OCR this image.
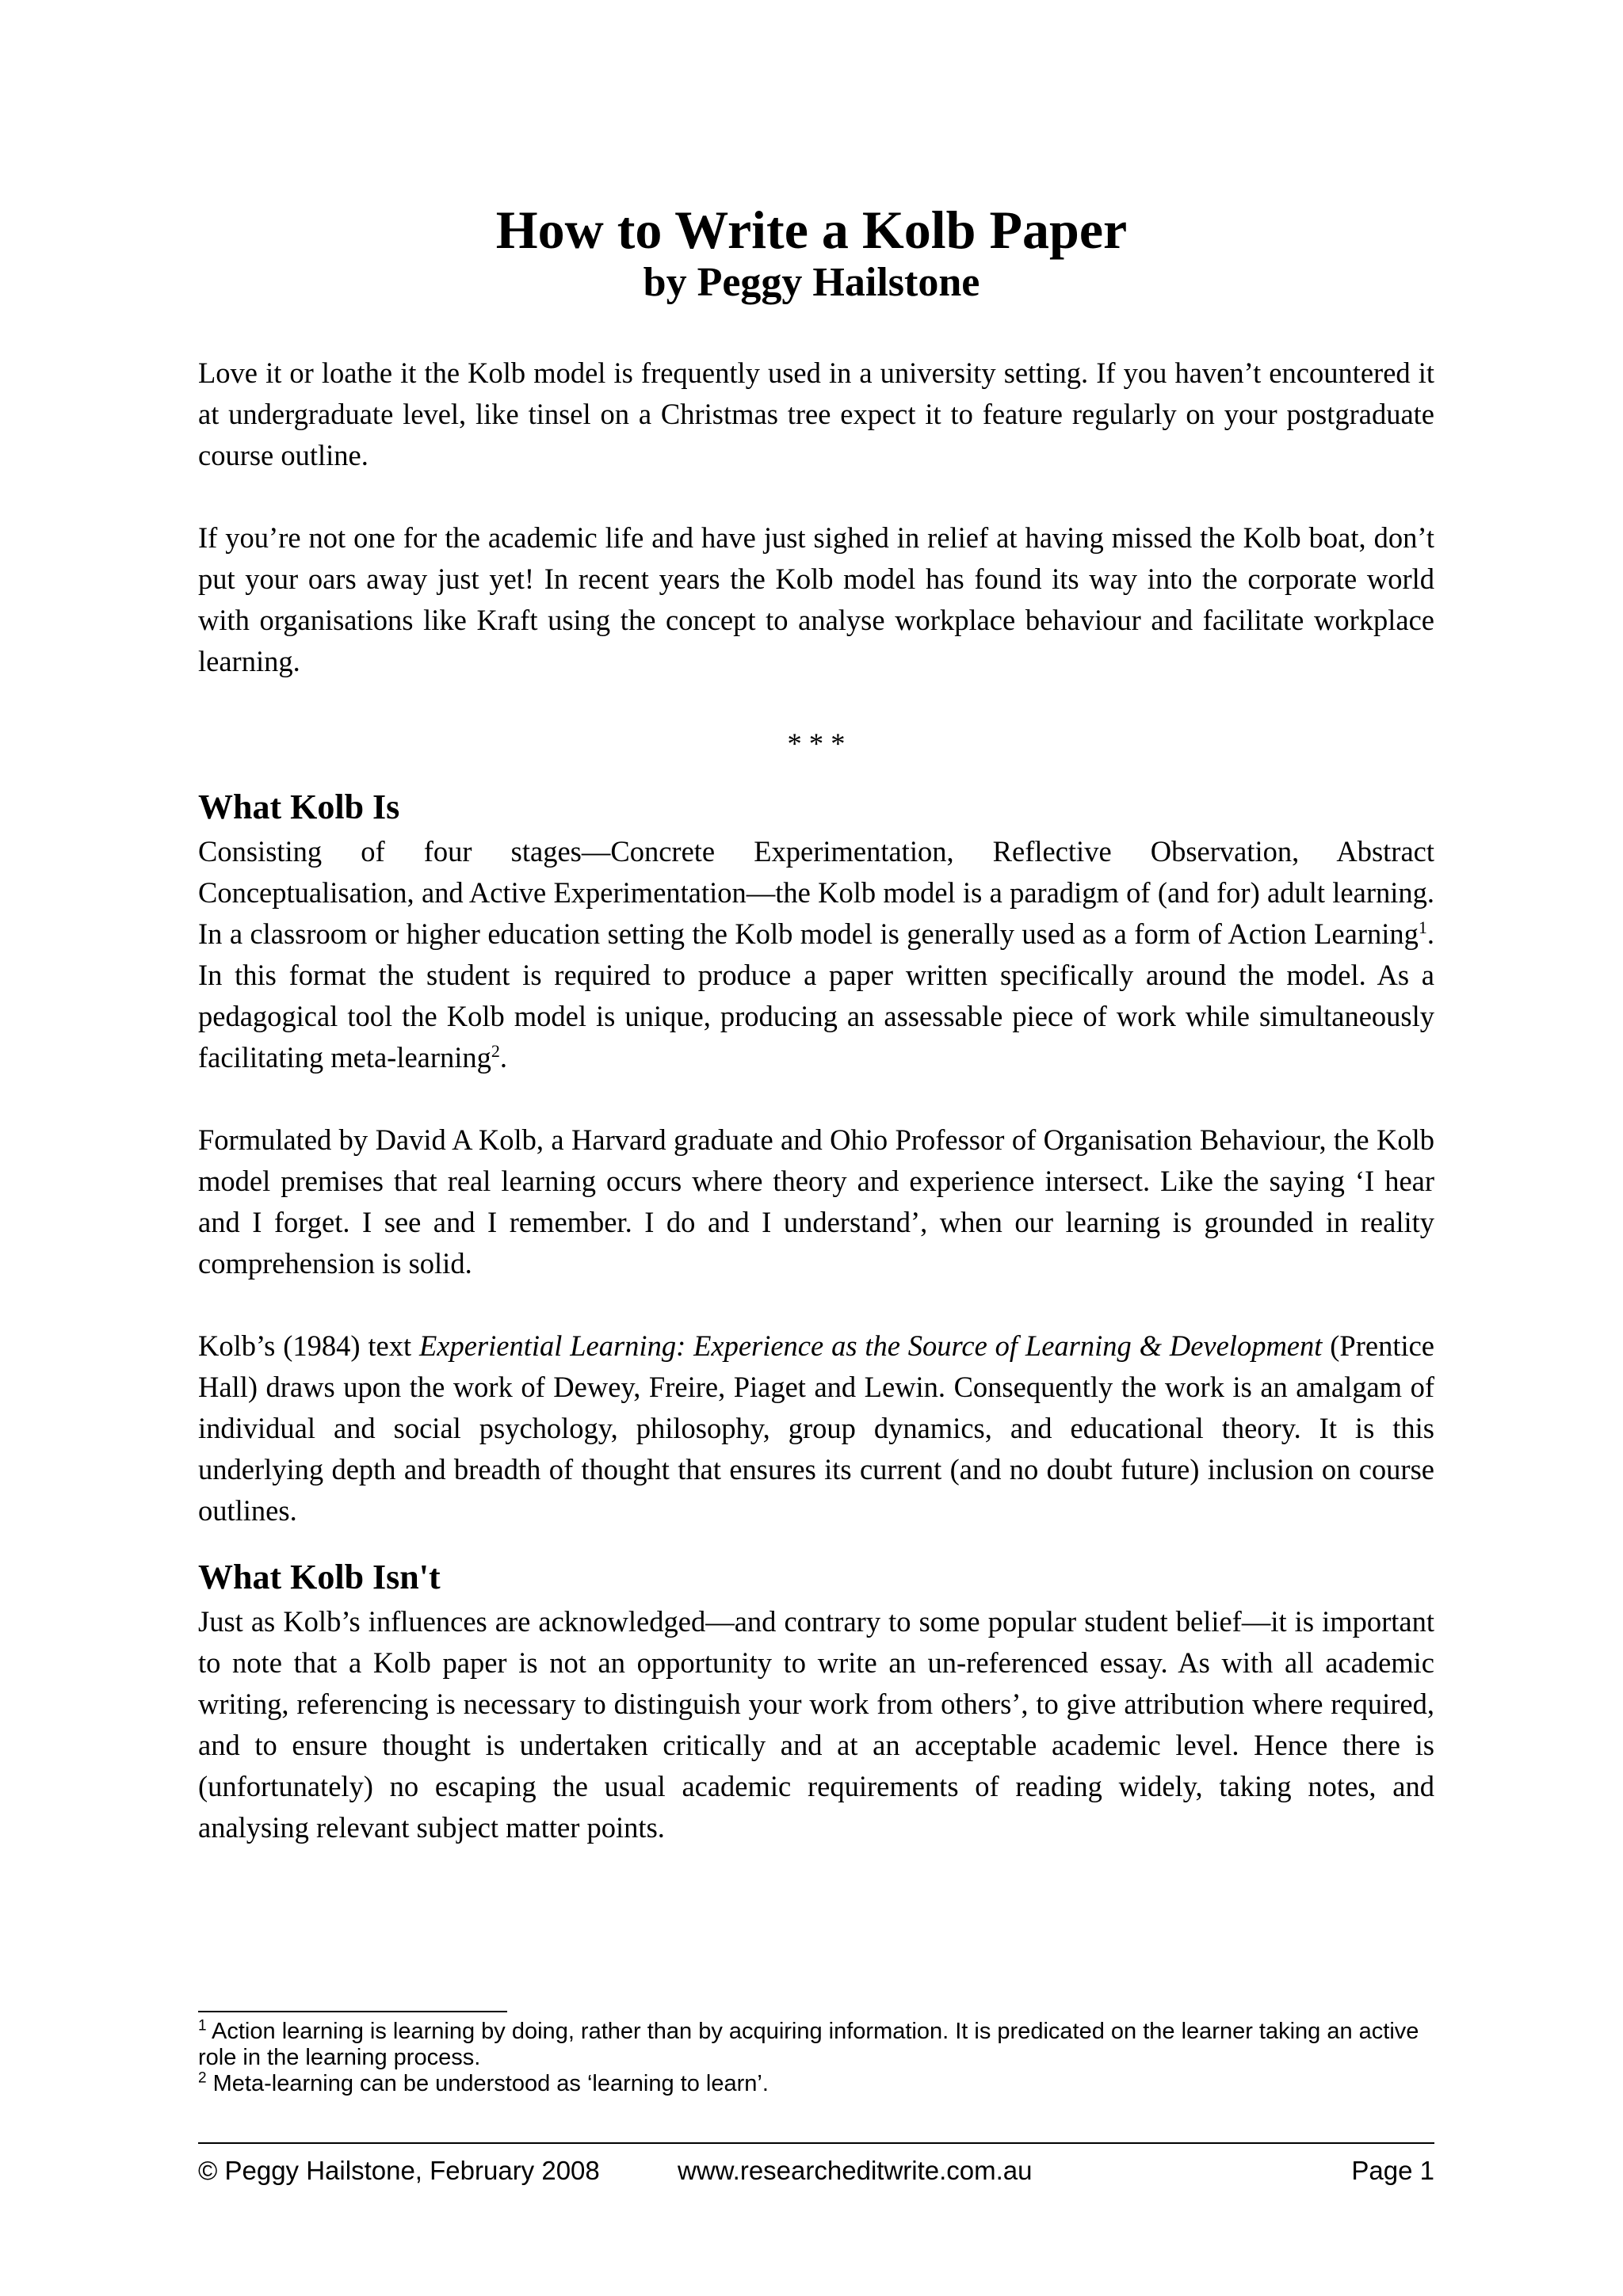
How to Write a Kolb Paper
by Peggy Hailstone

Love it or loathe it the Kolb model is frequently used in a university setting. If you haven’t encountered it at undergraduate level, like tinsel on a Christmas tree expect it to feature regularly on your postgraduate course outline.

If you’re not one for the academic life and have just sighed in relief at having missed the Kolb boat, don’t put your oars away just yet! In recent years the Kolb model has found its way into the corporate world with organisations like Kraft using the concept to analyse workplace behaviour and facilitate workplace learning.

* * *

What Kolb Is

Consisting of four stages—Concrete Experimentation, Reflective Observation, Abstract Conceptualisation, and Active Experimentation—the Kolb model is a paradigm of (and for) adult learning. In a classroom or higher education setting the Kolb model is generally used as a form of Action Learning$^1$. In this format the student is required to produce a paper written specifically around the model. As a pedagogical tool the Kolb model is unique, producing an assessable piece of work while simultaneously facilitating meta-learning$^2$.

Formulated by David A Kolb, a Harvard graduate and Ohio Professor of Organisation Behaviour, the Kolb model premises that real learning occurs where theory and experience intersect. Like the saying ‘I hear and I forget. I see and I remember. I do and I understand’, when our learning is grounded in reality comprehension is solid.

Kolb’s (1984) text Experiential Learning: Experience as the Source of Learning & Development (Prentice Hall) draws upon the work of Dewey, Freire, Piaget and Lewin. Consequently the work is an amalgam of individual and social psychology, philosophy, group dynamics, and educational theory. It is this underlying depth and breadth of thought that ensures its current (and no doubt future) inclusion on course outlines.

What Kolb Isn't

Just as Kolb’s influences are acknowledged—and contrary to some popular student belief—it is important to note that a Kolb paper is not an opportunity to write an un-referenced essay. As with all academic writing, referencing is necessary to distinguish your work from others’, to give attribution where required, and to ensure thought is undertaken critically and at an acceptable academic level. Hence there is (unfortunately) no escaping the usual academic requirements of reading widely, taking notes, and analysing relevant subject matter points.

$^1$ Action learning is learning by doing, rather than by acquiring information. It is predicated on the learner taking an active role in the learning process.

$^2$ Meta-learning can be understood as ‘learning to learn’.

© Peggy Hailstone, February 2008	www.researcheditwrite.com.au	Page 1
